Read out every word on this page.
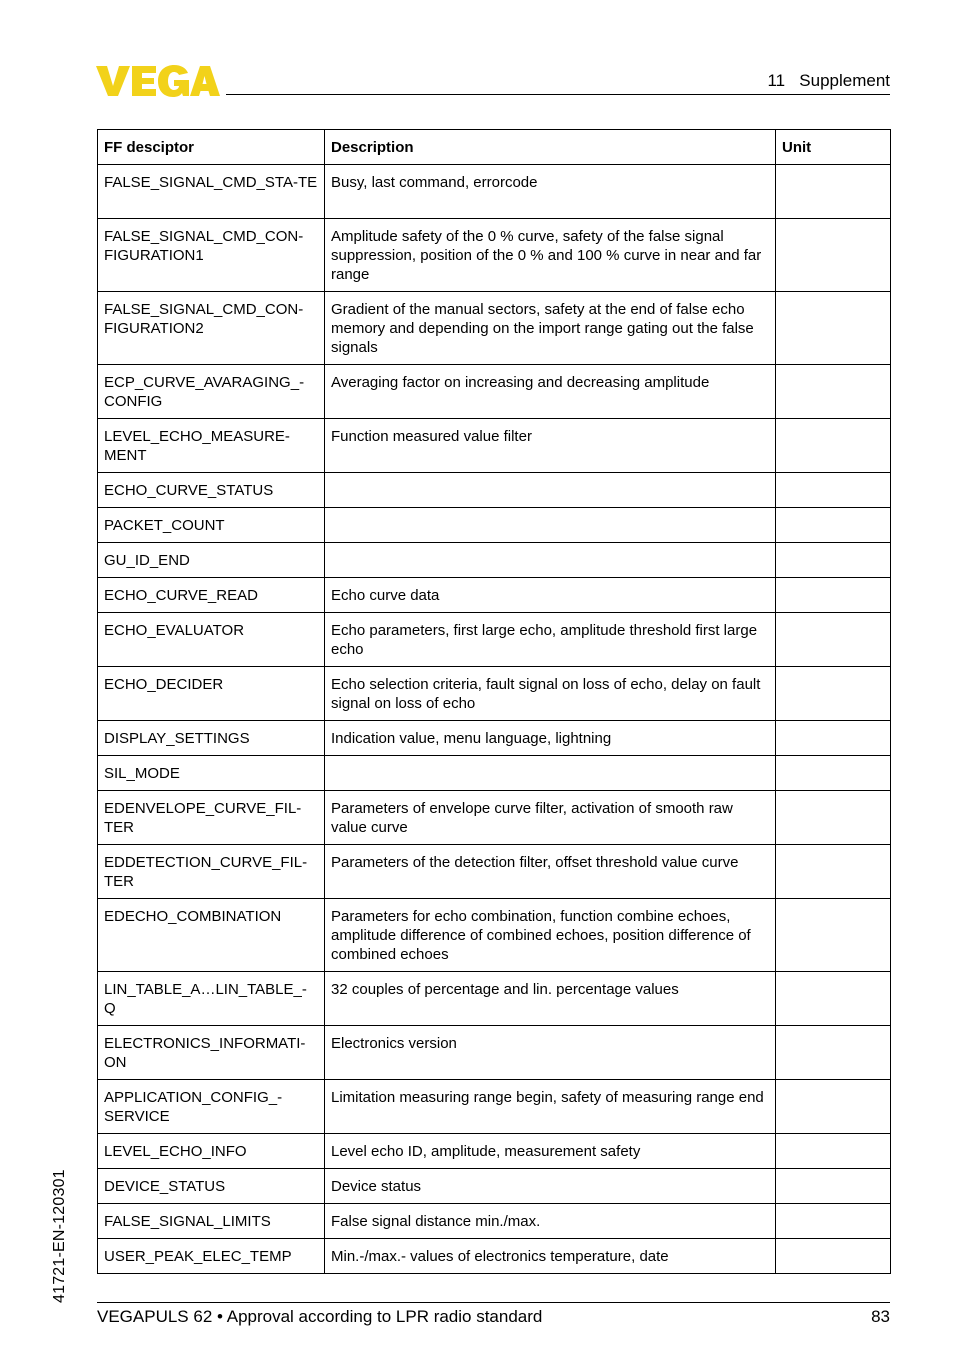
11   Supplement
FF desciptor	Description	Unit
FALSE_SIGNAL_CMD_STA-TE	Busy, last command, errorcode	
FALSE_SIGNAL_CMD_CON-FIGURATION1	Amplitude safety of the 0 % curve, safety of the false signal suppression, position of the 0 % and 100 % curve in near and far range	
FALSE_SIGNAL_CMD_CON-FIGURATION2	Gradient of the manual sectors, safety at the end of false echo memory and depending on the import range gating out the false signals	
ECP_CURVE_AVARAGING_-CONFIG	Averaging factor on increasing and decreasing amplitude	
LEVEL_ECHO_MEASURE-MENT	Function measured value filter	
ECHO_CURVE_STATUS		
PACKET_COUNT		
GU_ID_END		
ECHO_CURVE_READ	Echo curve data	
ECHO_EVALUATOR	Echo parameters, first large echo, amplitude threshold first large echo	
ECHO_DECIDER	Echo selection criteria, fault signal on loss of echo, delay on fault signal on loss of echo	
DISPLAY_SETTINGS	Indication value, menu language, lightning	
SIL_MODE		
EDENVELOPE_CURVE_FIL-TER	Parameters of envelope curve filter, activation of smooth raw value curve	
EDDETECTION_CURVE_FIL-TER	Parameters of the detection filter, offset threshold value curve	
EDECHO_COMBINATION	Parameters for echo combination, function combine echoes, amplitude difference of combined echoes, position difference of combined echoes	
LIN_TABLE_A…LIN_TABLE_-Q	32 couples of percentage and lin. percentage values	
ELECTRONICS_INFORMATI-ON	Electronics version	
APPLICATION_CONFIG_-SERVICE	Limitation measuring range begin, safety of measuring range end	
LEVEL_ECHO_INFO	Level echo ID, amplitude, measurement safety	
DEVICE_STATUS	Device status	
FALSE_SIGNAL_LIMITS	False signal distance min./max.	
USER_PEAK_ELEC_TEMP	Min.-/max.- values of electronics temperature, date	
41721-EN-120301
VEGAPULS 62 • Approval according to LPR radio standard	83
